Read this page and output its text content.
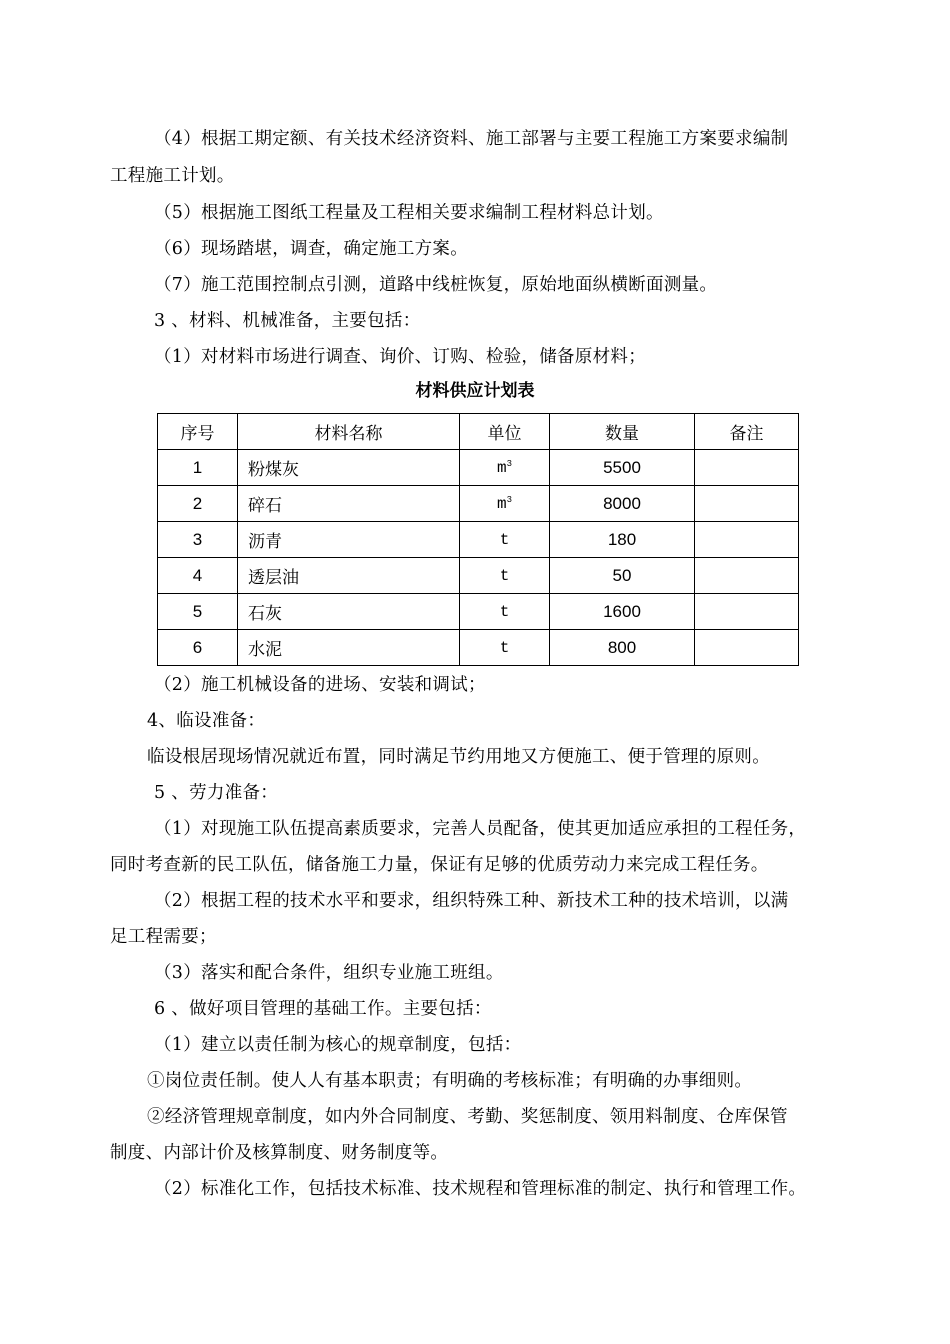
（4）根据工期定额、有关技术经济资料、施工部署与主要工程施工方案要求编制
工程施工计划。
（5）根据施工图纸工程量及工程相关要求编制工程材料总计划。
（6）现场踏堪，调查，确定施工方案。
（7）施工范围控制点引测，道路中线桩恢复，原始地面纵横断面测量。
3 、材料、机械准备，主要包括：
（1）对材料市场进行调查、询价、订购、检验，储备原材料；
材料供应计划表
序号	材料名称	单位	数量	备注
1	粉煤灰	$m^3$	5500	
2	碎石	$m^3$	8000	
3	沥青	t	180	
4	透层油	t	50	
5	石灰	t	1600	
6	水泥	t	800	
（2）施工机械设备的进场、安装和调试；
4、临设准备：
临设根居现场情况就近布置，同时满足节约用地又方便施工、便于管理的原则。
5 、劳力准备：
（1）对现施工队伍提高素质要求，完善人员配备，使其更加适应承担的工程任务，
同时考查新的民工队伍，储备施工力量，保证有足够的优质劳动力来完成工程任务。
（2）根据工程的技术水平和要求，组织特殊工种、新技术工种的技术培训，以满
足工程需要；
（3）落实和配合条件，组织专业施工班组。
6 、做好项目管理的基础工作。主要包括：
（1）建立以责任制为核心的规章制度，包括：
①岗位责任制。使人人有基本职责；有明确的考核标准；有明确的办事细则。
②经济管理规章制度，如内外合同制度、考勤、奖惩制度、领用料制度、仓库保管
制度、内部计价及核算制度、财务制度等。
（2）标准化工作，包括技术标准、技术规程和管理标准的制定、执行和管理工作。
